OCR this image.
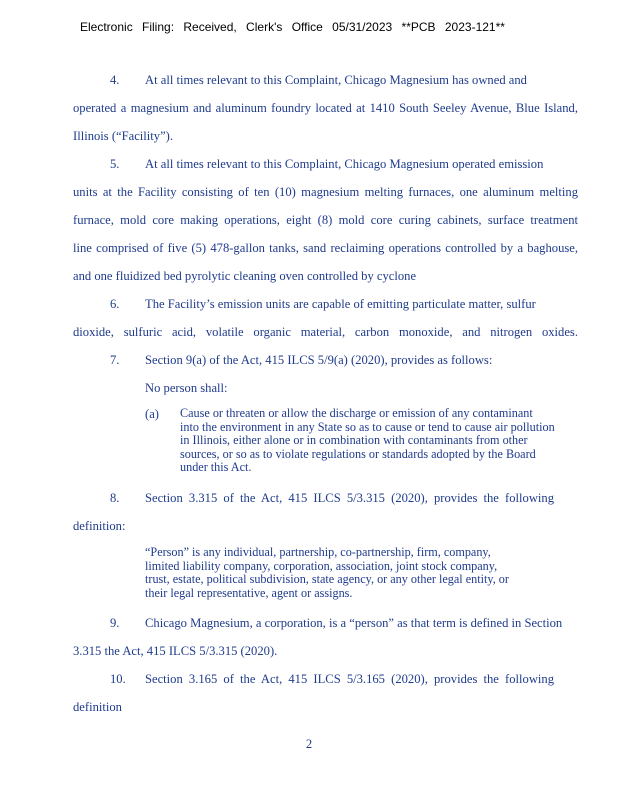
Electronic Filing: Received, Clerk's Office 05/31/2023 **PCB 2023-121**
4. At all times relevant to this Complaint, Chicago Magnesium has owned and
operated a magnesium and aluminum foundry located at 1410 South Seeley Avenue, Blue Island,
Illinois (“Facility”).
5. At all times relevant to this Complaint, Chicago Magnesium operated emission
units at the Facility consisting of ten (10) magnesium melting furnaces, one aluminum melting
furnace, mold core making operations, eight (8) mold core curing cabinets, surface treatment
line comprised of five (5) 478-gallon tanks, sand reclaiming operations controlled by a baghouse,
and one fluidized bed pyrolytic cleaning oven controlled by cyclone
6. The Facility’s emission units are capable of emitting particulate matter, sulfur
dioxide, sulfuric acid, volatile organic material, carbon monoxide, and nitrogen oxides.
7. Section 9(a) of the Act, 415 ILCS 5/9(a) (2020), provides as follows:
No person shall:
(a) Cause or threaten or allow the discharge or emission of any contaminant
into the environment in any State so as to cause or tend to cause air pollution
in Illinois, either alone or in combination with contaminants from other
sources, or so as to violate regulations or standards adopted by the Board
under this Act.
8. Section 3.315 of the Act, 415 ILCS 5/3.315 (2020), provides the following
definition:
“Person” is any individual, partnership, co-partnership, firm, company,
limited liability company, corporation, association, joint stock company,
trust, estate, political subdivision, state agency, or any other legal entity, or
their legal representative, agent or assigns.
9. Chicago Magnesium, a corporation, is a “person” as that term is defined in Section
3.315 the Act, 415 ILCS 5/3.315 (2020).
10. Section 3.165 of the Act, 415 ILCS 5/3.165 (2020), provides the following
definition
2
